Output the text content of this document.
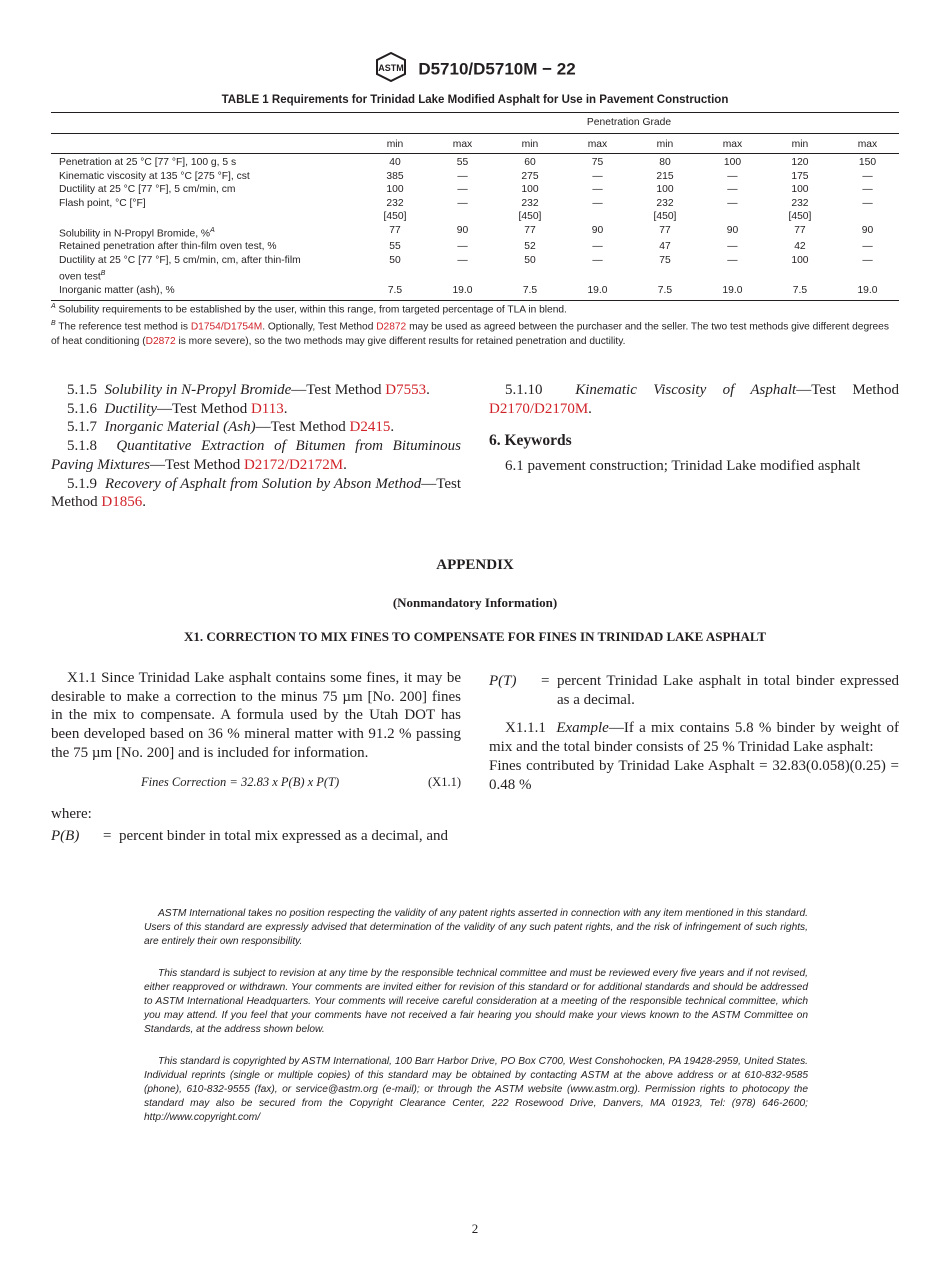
ASTM D5710/D5710M − 22
TABLE 1 Requirements for Trinidad Lake Modified Asphalt for Use in Pavement Construction

	Penetration Grade							
	min	max	min	max	min	max	min	max
Penetration at 25 °C [77 °F], 100 g, 5 s	40	55	60	75	80	100	120	150
Kinematic viscosity at 135 °C [275 °F], cst	385	—	275	—	215	—	175	—
Ductility at 25 °C [77 °F], 5 cm/min, cm	100	—	100	—	100	—	100	—
Flash point, °C [°F]	232	—	232	—	232	—	232	—
	[450]		[450]		[450]		[450]	
Solubility in N-Propyl Bromide, %$^A$	77	90	77	90	77	90	77	90
Retained penetration after thin-film oven test, %	55	—	52	—	47	—	42	—
Ductility at 25 °C [77 °F], 5 cm/min, cm, after thin-film	50	—	50	—	75	—	100	—
oven test$^B$								
Inorganic matter (ash), %	7.5	19.0	7.5	19.0	7.5	19.0	7.5	19.0
$^A$ Solubility requirements to be established by the user, within this range, from targeted percentage of TLA in blend.
$^B$ The reference test method is D1754/D1754M. Optionally, Test Method D2872 may be used as agreed between the purchaser and the seller. The two test methods give different degrees of heat conditioning (D2872 is more severe), so the two methods may give different results for retained penetration and ductility.

5.1.5 Solubility in N-Propyl Bromide—Test Method D7553.

5.1.6 Ductility—Test Method D113.

5.1.7 Inorganic Material (Ash)—Test Method D2415.

5.1.8 Quantitative Extraction of Bitumen from Bituminous Paving Mixtures—Test Method D2172/D2172M.

5.1.9 Recovery of Asphalt from Solution by Abson Method—Test Method D1856.

5.1.10 Kinematic Viscosity of Asphalt—Test Method D2170/D2170M.

6. Keywords

6.1 pavement construction; Trinidad Lake modified asphalt

APPENDIX
(Nonmandatory Information)
X1. CORRECTION TO MIX FINES TO COMPENSATE FOR FINES IN TRINIDAD LAKE ASPHALT

X1.1 Since Trinidad Lake asphalt contains some fines, it may be desirable to make a correction to the minus 75 µm [No. 200] fines in the mix to compensate. A formula used by the Utah DOT has been developed based on 36 % mineral matter with 91.2 % passing the 75 µm [No. 200] and is included for information.

Fines Correction = 32.83 x P(B) x P(T)	(X1.1)
where:
P(B)	= percent binder in total mix expressed as a decimal, and
P(T)	= percent Trinidad Lake asphalt in total binder expressed as a decimal.

X1.1.1 Example—If a mix contains 5.8 % binder by weight of mix and the total binder consists of 25 % Trinidad Lake asphalt:

Fines contributed by Trinidad Lake Asphalt = 32.83(0.058)(0.25) = 0.48 %

ASTM International takes no position respecting the validity of any patent rights asserted in connection with any item mentioned in this standard. Users of this standard are expressly advised that determination of the validity of any such patent rights, and the risk of infringement of such rights, are entirely their own responsibility.

This standard is subject to revision at any time by the responsible technical committee and must be reviewed every five years and if not revised, either reapproved or withdrawn. Your comments are invited either for revision of this standard or for additional standards and should be addressed to ASTM International Headquarters. Your comments will receive careful consideration at a meeting of the responsible technical committee, which you may attend. If you feel that your comments have not received a fair hearing you should make your views known to the ASTM Committee on Standards, at the address shown below.

This standard is copyrighted by ASTM International, 100 Barr Harbor Drive, PO Box C700, West Conshohocken, PA 19428-2959, United States. Individual reprints (single or multiple copies) of this standard may be obtained by contacting ASTM at the above address or at 610-832-9585 (phone), 610-832-9555 (fax), or service@astm.org (e-mail); or through the ASTM website (www.astm.org). Permission rights to photocopy the standard may also be secured from the Copyright Clearance Center, 222 Rosewood Drive, Danvers, MA 01923, Tel: (978) 646-2600; http://www.copyright.com/

2
